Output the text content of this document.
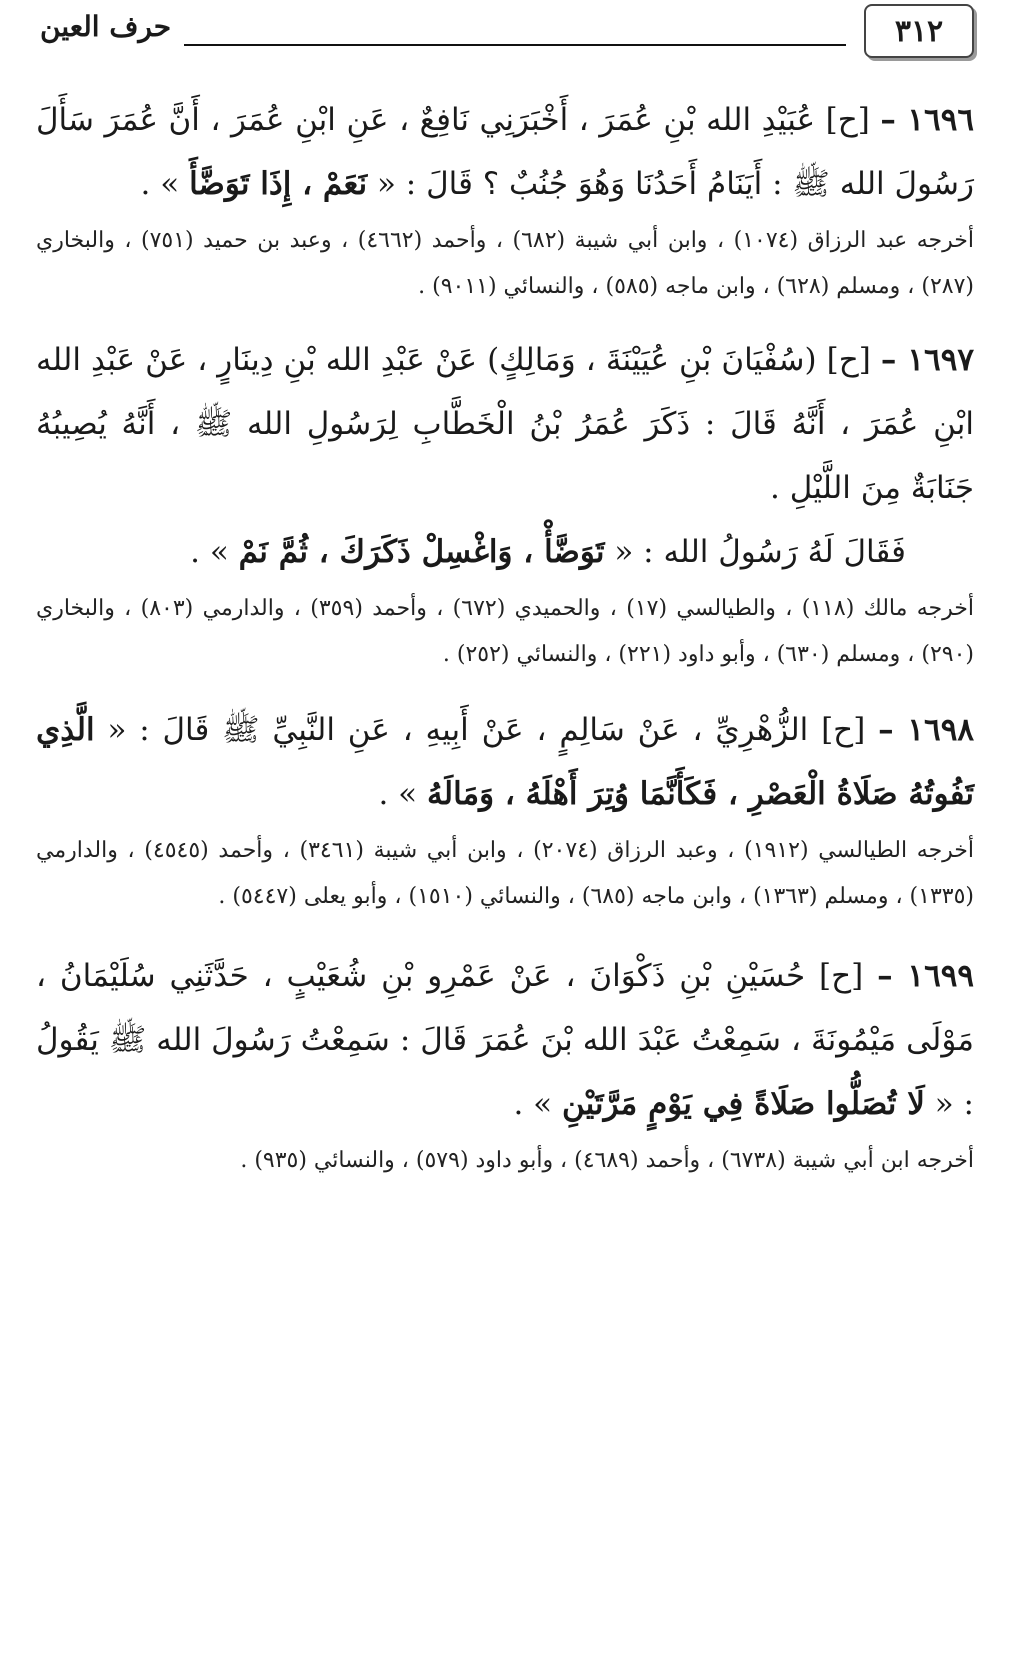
حرف العين	٣١٢

١٦٩٦ – [ح] عُبَيْدِ الله بْنِ عُمَرَ ، أَخْبَرَنِي نَافِعٌ ، عَنِ ابْنِ عُمَرَ ، أَنَّ عُمَرَ سَأَلَ رَسُولَ الله ﷺ : أَيَنَامُ أَحَدُنَا وَهُوَ جُنُبٌ ؟ قَالَ : « نَعَمْ ، إِذَا تَوَضَّأَ » .

أخرجه عبد الرزاق (١٠٧٤) ، وابن أبي شيبة (٦٨٢) ، وأحمد (٤٦٦٢) ، وعبد بن حميد (٧٥١) ، والبخاري (٢٨٧) ، ومسلم (٦٢٨) ، وابن ماجه (٥٨٥) ، والنسائي (٩٠١١) .

١٦٩٧ – [ح] (سُفْيَانَ بْنِ عُيَيْنَةَ ، وَمَالِكٍ) عَنْ عَبْدِ الله بْنِ دِينَارٍ ، عَنْ عَبْدِ الله ابْنِ عُمَرَ ، أَنَّهُ قَالَ : ذَكَرَ عُمَرُ بْنُ الْخَطَّابِ لِرَسُولِ الله ﷺ ، أَنَّهُ يُصِيبُهُ جَنَابَةٌ مِنَ اللَّيْلِ .
فَقَالَ لَهُ رَسُولُ الله : « تَوَضَّأْ ، وَاغْسِلْ ذَكَرَكَ ، ثُمَّ نَمْ » .

أخرجه مالك (١١٨) ، والطيالسي (١٧) ، والحميدي (٦٧٢) ، وأحمد (٣٥٩) ، والدارمي (٨٠٣) ، والبخاري (٢٩٠) ، ومسلم (٦٣٠) ، وأبو داود (٢٢١) ، والنسائي (٢٥٢) .

١٦٩٨ – [ح] الزُّهْرِيِّ ، عَنْ سَالِمٍ ، عَنْ أَبِيهِ ، عَنِ النَّبِيِّ ﷺ قَالَ : « الَّذِي تَفُوتُهُ صَلَاةُ الْعَصْرِ ، فَكَأَنَّمَا وُتِرَ أَهْلَهُ ، وَمَالَهُ » .

أخرجه الطيالسي (١٩١٢) ، وعبد الرزاق (٢٠٧٤) ، وابن أبي شيبة (٣٤٦١) ، وأحمد (٤٥٤٥) ، والدارمي (١٣٣٥) ، ومسلم (١٣٦٣) ، وابن ماجه (٦٨٥) ، والنسائي (١٥١٠) ، وأبو يعلى (٥٤٤٧) .

١٦٩٩ – [ح] حُسَيْنِ بْنِ ذَكْوَانَ ، عَنْ عَمْرِو بْنِ شُعَيْبٍ ، حَدَّثَنِي سُلَيْمَانُ ، مَوْلَى مَيْمُونَةَ ، سَمِعْتُ عَبْدَ الله بْنَ عُمَرَ قَالَ : سَمِعْتُ رَسُولَ الله ﷺ يَقُولُ : « لَا تُصَلُّوا صَلَاةً فِي يَوْمٍ مَرَّتَيْنِ » .

أخرجه ابن أبي شيبة (٦٧٣٨) ، وأحمد (٤٦٨٩) ، وأبو داود (٥٧٩) ، والنسائي (٩٣٥) .
